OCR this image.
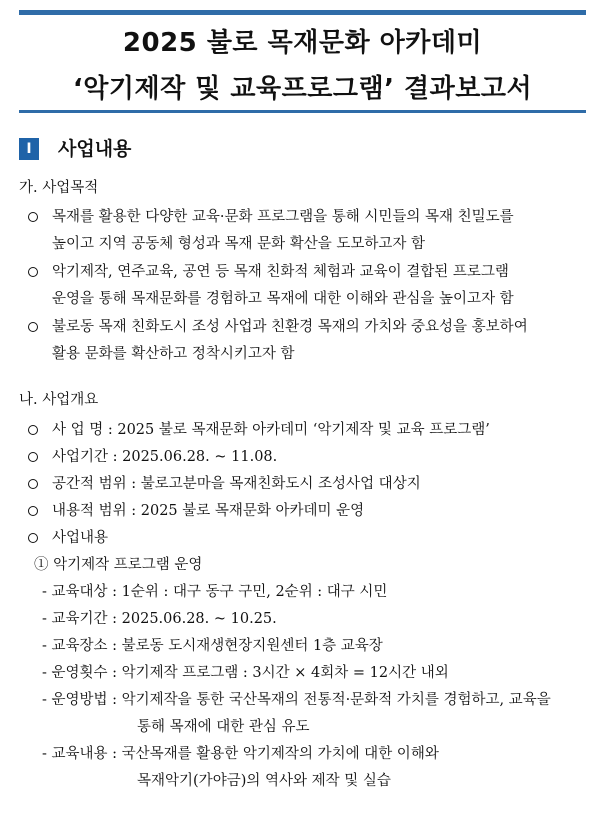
2025 불로 목재문화 아카데미
‘악기제작 및 교육프로그램’ 결과보고서
Ⅰ	사업내용
가. 사업목적
목재를 활용한 다양한 교육·문화 프로그램을 통해 시민들의 목재 친밀도를
높이고 지역 공동체 형성과 목재 문화 확산을 도모하고자 함
악기제작, 연주교육, 공연 등 목재 친화적 체험과 교육이 결합된 프로그램
운영을 통해 목재문화를 경험하고 목재에 대한 이해와 관심을 높이고자 함
불로동 목재 친화도시 조성 사업과 친환경 목재의 가치와 중요성을 홍보하여
활용 문화를 확산하고 정착시키고자 함
나. 사업개요
사 업 명 : 2025 불로 목재문화 아카데미 ‘악기제작 및 교육 프로그램’
사업기간 : 2025.06.28. ~ 11.08.
공간적 범위 : 불로고분마을 목재친화도시 조성사업 대상지
내용적 범위 : 2025 불로 목재문화 아카데미 운영
사업내용
① 악기제작 프로그램 운영
- 교육대상 : 1순위 : 대구 동구 구민, 2순위 : 대구 시민
- 교육기간 : 2025.06.28. ~ 10.25.
- 교육장소 : 불로동 도시재생현장지원센터 1층 교육장
- 운영횟수 : 악기제작 프로그램 : 3시간 × 4회차 = 12시간 내외
- 운영방법 : 악기제작을 통한 국산목재의 전통적·문화적 가치를 경험하고, 교육을
통해 목재에 대한 관심 유도
- 교육내용 : 국산목재를 활용한 악기제작의 가치에 대한 이해와
목재악기(가야금)의 역사와 제작 및 실습
